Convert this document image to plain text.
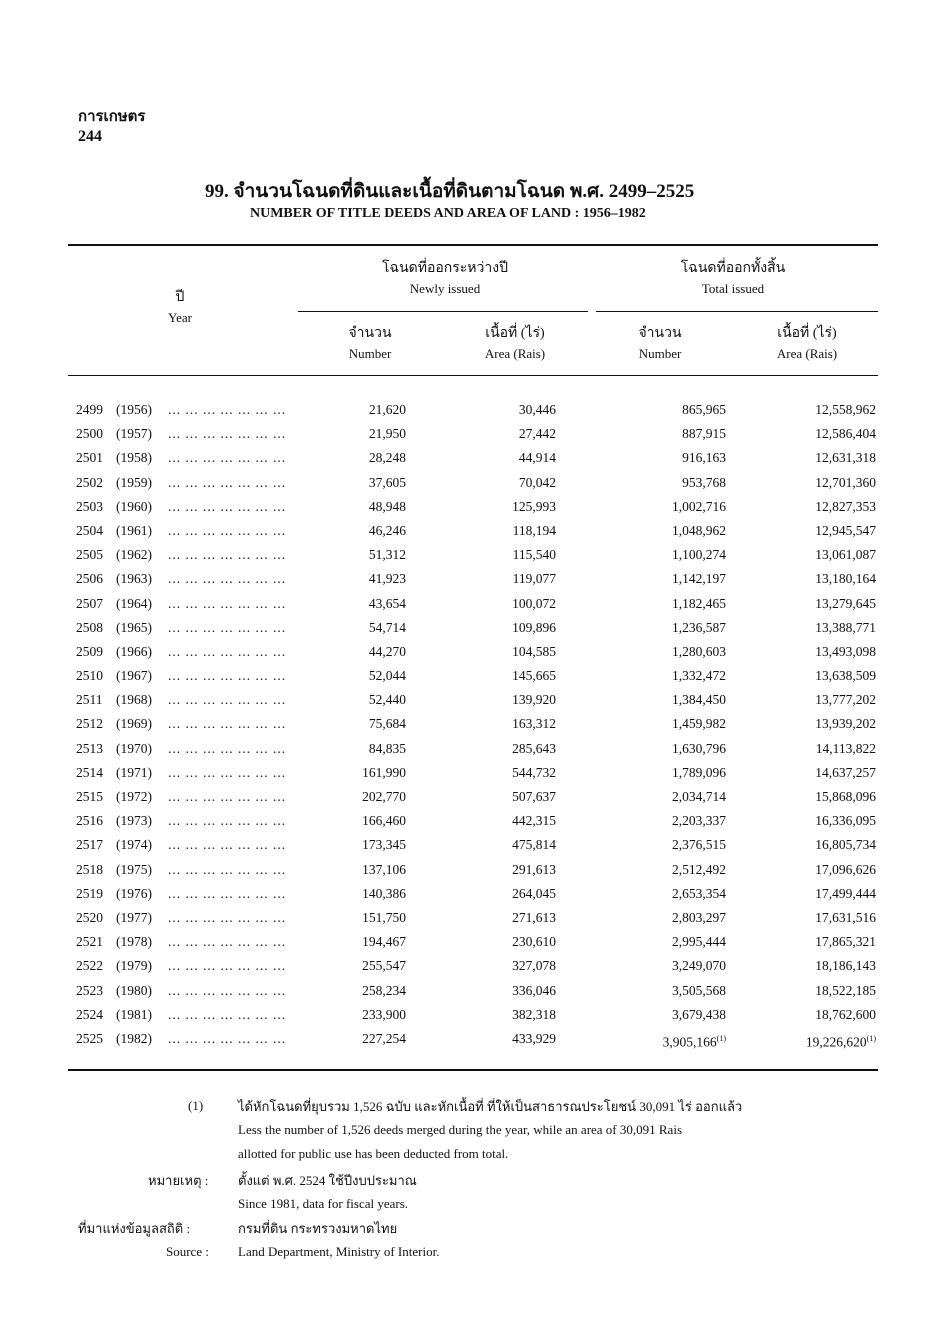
การเกษตร
244
99. จำนวนโฉนดที่ดินและเนื้อที่ดินตามโฉนด พ.ศ. 2499–2525
NUMBER OF TITLE DEEDS AND AREA OF LAND : 1956–1982
ปี
Year
โฉนดที่ออกระหว่างปี
Newly issued
โฉนดที่ออกทั้งสิ้น
Total issued
จำนวน
Number
เนื้อที่ (ไร่)
Area (Rais)
จำนวน
Number
เนื้อที่ (ไร่)
Area (Rais)
2499 (1956) ... ... ... ... ... ... ...	21,620	30,446	865,965	12,558,962
2500 (1957) ... ... ... ... ... ... ...	21,950	27,442	887,915	12,586,404
2501 (1958) ... ... ... ... ... ... ...	28,248	44,914	916,163	12,631,318
2502 (1959) ... ... ... ... ... ... ...	37,605	70,042	953,768	12,701,360
2503 (1960) ... ... ... ... ... ... ...	48,948	125,993	1,002,716	12,827,353
2504 (1961) ... ... ... ... ... ... ...	46,246	118,194	1,048,962	12,945,547
2505 (1962) ... ... ... ... ... ... ...	51,312	115,540	1,100,274	13,061,087
2506 (1963) ... ... ... ... ... ... ...	41,923	119,077	1,142,197	13,180,164
2507 (1964) ... ... ... ... ... ... ...	43,654	100,072	1,182,465	13,279,645
2508 (1965) ... ... ... ... ... ... ...	54,714	109,896	1,236,587	13,388,771
2509 (1966) ... ... ... ... ... ... ...	44,270	104,585	1,280,603	13,493,098
2510 (1967) ... ... ... ... ... ... ...	52,044	145,665	1,332,472	13,638,509
2511 (1968) ... ... ... ... ... ... ...	52,440	139,920	1,384,450	13,777,202
2512 (1969) ... ... ... ... ... ... ...	75,684	163,312	1,459,982	13,939,202
2513 (1970) ... ... ... ... ... ... ...	84,835	285,643	1,630,796	14,113,822
2514 (1971) ... ... ... ... ... ... ...	161,990	544,732	1,789,096	14,637,257
2515 (1972) ... ... ... ... ... ... ...	202,770	507,637	2,034,714	15,868,096
2516 (1973) ... ... ... ... ... ... ...	166,460	442,315	2,203,337	16,336,095
2517 (1974) ... ... ... ... ... ... ...	173,345	475,814	2,376,515	16,805,734
2518 (1975) ... ... ... ... ... ... ...	137,106	291,613	2,512,492	17,096,626
2519 (1976) ... ... ... ... ... ... ...	140,386	264,045	2,653,354	17,499,444
2520 (1977) ... ... ... ... ... ... ...	151,750	271,613	2,803,297	17,631,516
2521 (1978) ... ... ... ... ... ... ...	194,467	230,610	2,995,444	17,865,321
2522 (1979) ... ... ... ... ... ... ...	255,547	327,078	3,249,070	18,186,143
2523 (1980) ... ... ... ... ... ... ...	258,234	336,046	3,505,568	18,522,185
2524 (1981) ... ... ... ... ... ... ...	233,900	382,318	3,679,438	18,762,600
2525 (1982) ... ... ... ... ... ... ...	227,254	433,929	3,905,166$^{(1)}$	19,226,620$^{(1)}$
(1)	ได้หักโฉนดที่ยุบรวม 1,526 ฉบับ และหักเนื้อที่ ที่ให้เป็นสาธารณประโยชน์ 30,091 ไร่ ออกแล้ว
Less the number of 1,526 deeds merged during the year, while an area of 30,091 Rais
allotted for public use has been deducted from total.
หมายเหตุ : ตั้งแต่ พ.ศ. 2524 ใช้ปีงบประมาณ
Since 1981, data for fiscal years.
ที่มาแห่งข้อมูลสถิติ :	กรมที่ดิน กระทรวงมหาดไทย
Source : Land Department, Ministry of Interior.
